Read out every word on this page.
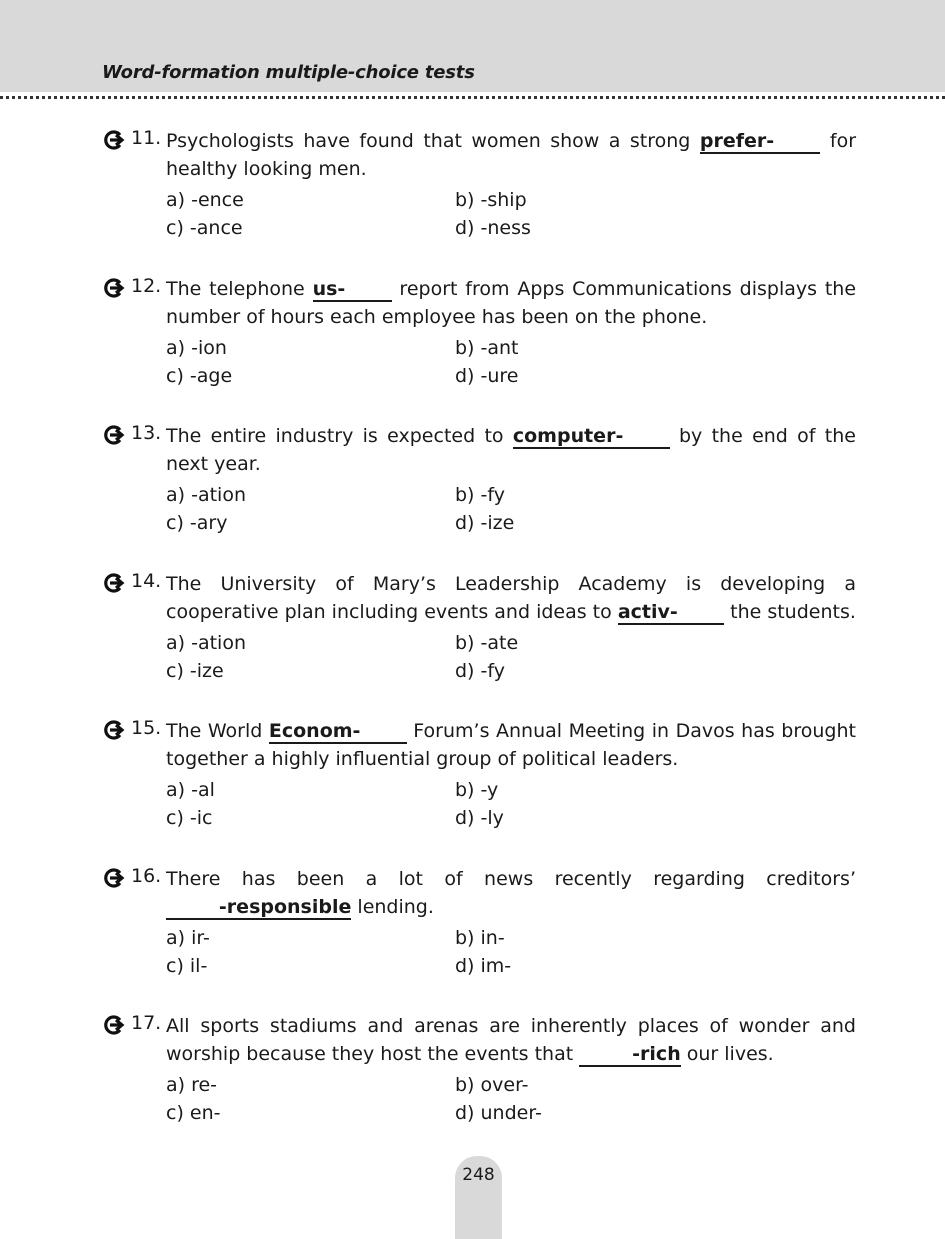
Word-formation multiple-choice tests
11. Psychologists have found that women show a strong prefer-        for healthy looking men.
a) -ence	b) -ship
c) -ance	d) -ness
12. The telephone us-        report from Apps Communications displays the number of hours each employee has been on the phone.
a) -ion	b) -ant
c) -age	d) -ure
13. The entire industry is expected to computer-        by the end of the next year.
a) -ation	b) -fy
c) -ary	d) -ize
14. The University of Mary’s Leadership Academy is developing a cooperative plan including events and ideas to activ-        the students.
a) -ation	b) -ate
c) -ize	d) -fy
15. The World Econom-        Forum’s Annual Meeting in Davos has brought together a highly influential group of political leaders.
a) -al	b) -y
c) -ic	d) -ly
16. There has been a lot of news recently regarding creditors’         -responsible lending.
a) ir-	b) in-
c) il-	d) im-
17. All sports stadiums and arenas are inherently places of wonder and worship because they host the events that	-rich our lives.
a) re-	b) over-
c) en-	d) under-
248
